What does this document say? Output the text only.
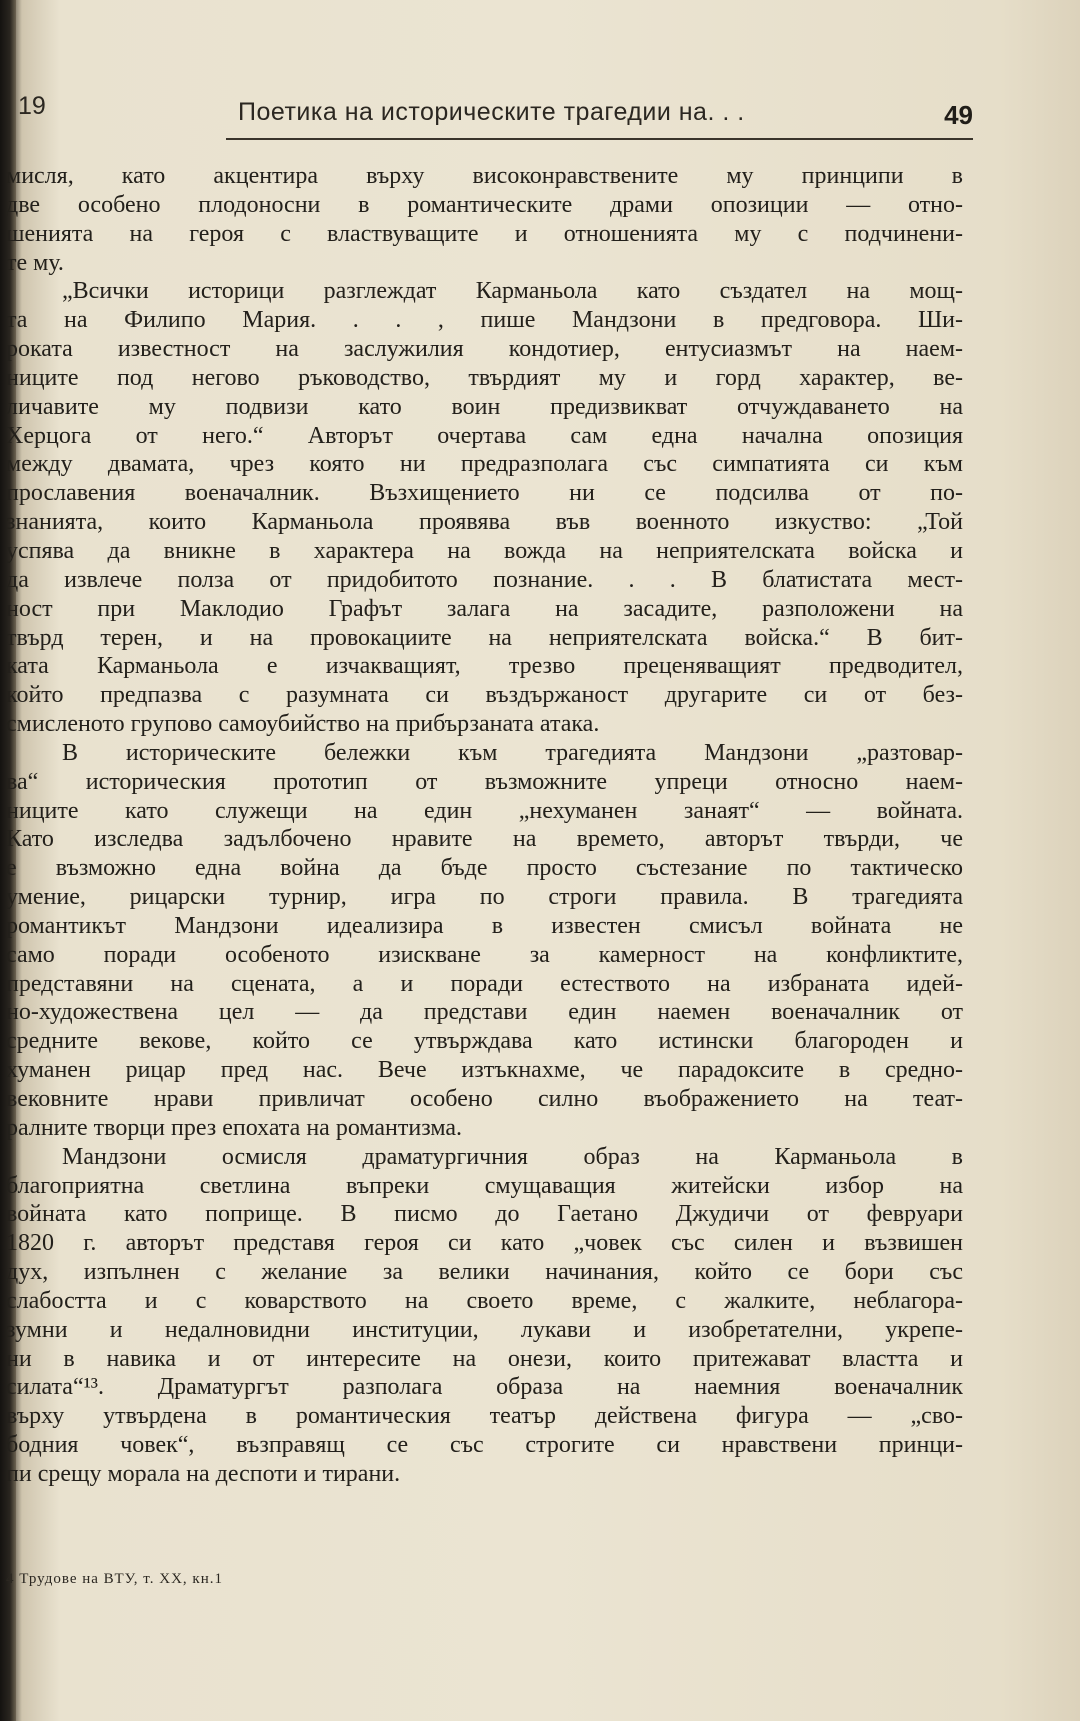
19	Поетика на историческите трагедии на. . .	49
мисля, като акцентира върху високонравствените му принципи в
две особено плодоносни в романтическите драми опозиции — отно-
шенията на героя с властвуващите и отношенията му с подчинени-
те му.
„Всички историци разглеждат Карманьола като създател на мощ-
та на Филипо Мария. . . , пише Мандзони в предговора. Ши-
роката известност на заслужилия кондотиер, ентусиазмът на наем-
ниците под негово ръководство, твърдият му и горд характер, ве-
личавите му подвизи като воин предизвикват отчуждаването на
Херцога от него.“ Авторът очертава сам една начална опозиция
между двамата, чрез която ни предразполага със симпатията си към
прославения военачалник. Възхищението ни се подсилва от по-
знанията, които Карманьола проявява във военното изкуство: „Той
успява да вникне в характера на вожда на неприятелската войска и
да извлече полза от придобитото познание. . . В блатистата мест-
ност при Маклодио Графът залага на засадите, разположени на
твърд терен, и на провокациите на неприятелската войска.“ В бит-
ката Карманьола е изчакващият, трезво преценяващият предводител,
който предпазва с разумната си въздържаност другарите си от без-
смисленото групово самоубийство на прибързаната атака.
В историческите бележки към трагедията Мандзони „разтовар-
ва“ историческия прототип от възможните упреци относно наем-
ниците като служещи на един „нехуманен занаят“ — войната.
Като изследва задълбочено нравите на времето, авторът твърди, че
е възможно една война да бъде просто състезание по тактическо
умение, рицарски турнир, игра по строги правила. В трагедията
романтикът Мандзони идеализира в известен смисъл войната не
само поради особеното изискване за камерност на конфликтите,
представяни на сцената, а и поради естеството на избраната идей-
но-художествена цел — да представи един наемен военачалник от
средните векове, който се утвърждава като истински благороден и
хуманен рицар пред нас. Вече изтъкнахме, че парадоксите в средно-
вековните нрави привличат особено силно въображението на теат-
ралните творци през епохата на романтизма.
Мандзони осмисля драматургичния образ на Карманьола в
благоприятна светлина въпреки смущаващия житейски избор на
войната като поприще. В писмо до Гаетано Джудичи от февруари
1820 г. авторът представя героя си като „човек със силен и възвишен
дух, изпълнен с желание за велики начинания, който се бори със
слабостта и с коварството на своето време, с жалките, неблагора-
зумни и недалновидни институции, лукави и изобретателни, укрепе-
ни в навика и от интересите на онези, които притежават властта и
силата“¹³. Драматургът разполага образа на наемния военачалник
върху утвърдена в романтическия театър действена фигура — „сво-
бодния човек“, възправящ се със строгите си нравствени принци-
пи срещу морала на деспоти и тирани.
4 Трудове на ВТУ, т. XX, кн.1
